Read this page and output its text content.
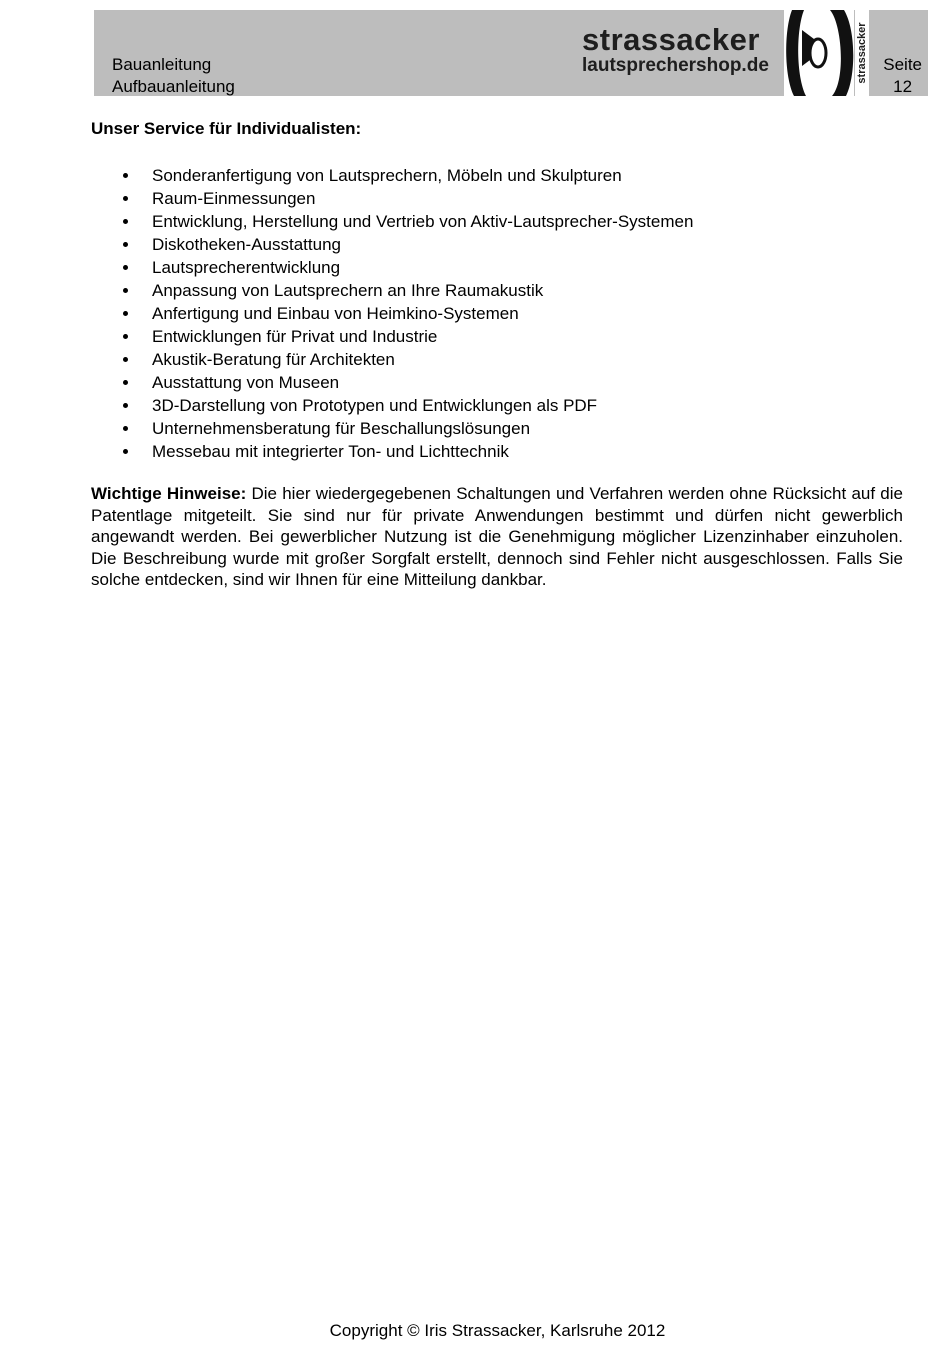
Bauanleitung
Aufbauanleitung
strassacker
lautsprechershop.de	strassacker Seite
12
Unser Service für Individualisten:
Sonderanfertigung von Lautsprechern, Möbeln und Skulpturen
Raum-Einmessungen
Entwicklung, Herstellung und Vertrieb von Aktiv-Lautsprecher-Systemen
Diskotheken-Ausstattung
Lautsprecherentwicklung
Anpassung von Lautsprechern an Ihre Raumakustik
Anfertigung und Einbau von Heimkino-Systemen
Entwicklungen für Privat und Industrie
Akustik-Beratung für Architekten
Ausstattung von Museen
3D-Darstellung von Prototypen und Entwicklungen als PDF
Unternehmensberatung für Beschallungslösungen
Messebau mit integrierter Ton- und Lichttechnik

Wichtige Hinweise: Die hier wiedergegebenen Schaltungen und Verfahren werden ohne Rücksicht auf die Patentlage mitgeteilt. Sie sind nur für private Anwendungen bestimmt und dürfen nicht gewerblich angewandt werden. Bei gewerblicher Nutzung ist die Genehmigung möglicher Lizenzinhaber einzuholen. Die Beschreibung wurde mit großer Sorgfalt erstellt, dennoch sind Fehler nicht ausgeschlossen. Falls Sie solche entdecken, sind wir Ihnen für eine Mitteilung dankbar.

Copyright © Iris Strassacker, Karlsruhe 2012
